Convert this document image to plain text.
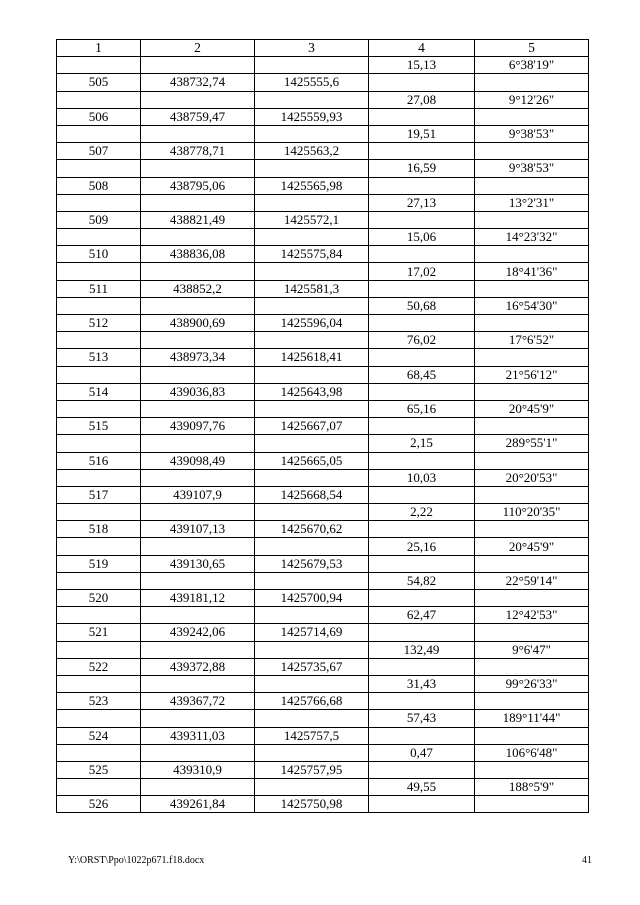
1	2	3	4	5
			15,13	6°38'19"
505	438732,74	1425555,6		
			27,08	9°12'26"
506	438759,47	1425559,93		
			19,51	9°38'53"
507	438778,71	1425563,2		
			16,59	9°38'53"
508	438795,06	1425565,98		
			27,13	13°2'31"
509	438821,49	1425572,1		
			15,06	14°23'32"
510	438836,08	1425575,84		
			17,02	18°41'36"
511	438852,2	1425581,3		
			50,68	16°54'30"
512	438900,69	1425596,04		
			76,02	17°6'52"
513	438973,34	1425618,41		
			68,45	21°56'12"
514	439036,83	1425643,98		
			65,16	20°45'9"
515	439097,76	1425667,07		
			2,15	289°55'1"
516	439098,49	1425665,05		
			10,03	20°20'53"
517	439107,9	1425668,54		
			2,22	110°20'35"
518	439107,13	1425670,62		
			25,16	20°45'9"
519	439130,65	1425679,53		
			54,82	22°59'14"
520	439181,12	1425700,94		
			62,47	12°42'53"
521	439242,06	1425714,69		
			132,49	9°6'47"
522	439372,88	1425735,67		
			31,43	99°26'33"
523	439367,72	1425766,68		
			57,43	189°11'44"
524	439311,03	1425757,5		
			0,47	106°6'48"
525	439310,9	1425757,95		
			49,55	188°5'9"
526	439261,84	1425750,98		
Y:\ORST\Ppo\1022p671.f18.docx	41
